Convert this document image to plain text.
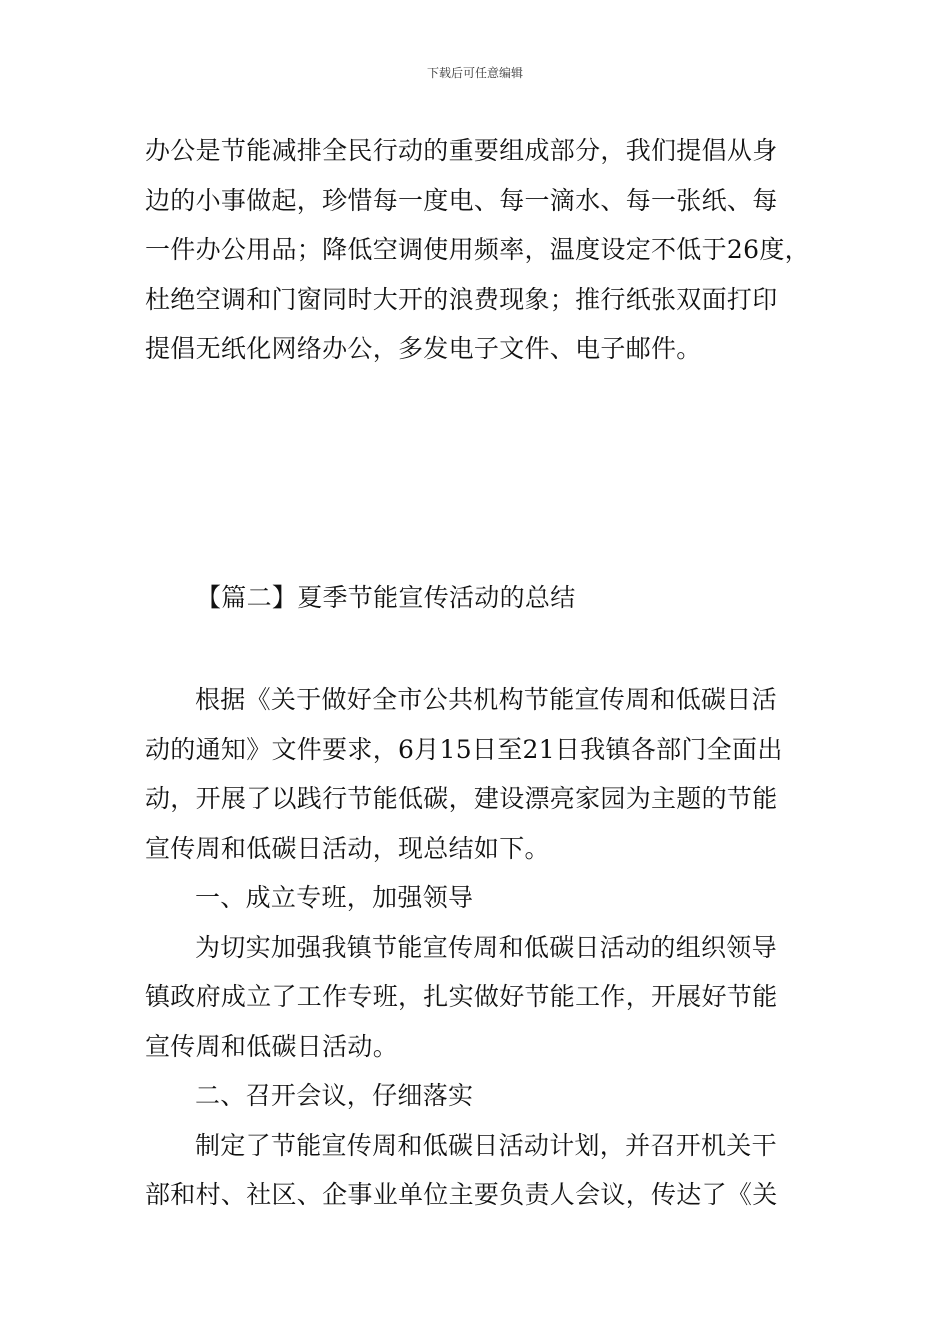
下载后可任意编辑
办公是节能减排全民行动的重要组成部分，我们提倡从身
边的小事做起，珍惜每一度电、每一滴水、每一张纸、每
一件办公用品；降低空调使用频率，温度设定不低于26度，
杜绝空调和门窗同时大开的浪费现象；推行纸张双面打印
提倡无纸化网络办公，多发电子文件、电子邮件。
【篇二】夏季节能宣传活动的总结
根据《关于做好全市公共机构节能宣传周和低碳日活
动的通知》文件要求，6月15日至21日我镇各部门全面出
动，开展了以践行节能低碳，建设漂亮家园为主题的节能
宣传周和低碳日活动，现总结如下。
一、成立专班，加强领导
为切实加强我镇节能宣传周和低碳日活动的组织领导
镇政府成立了工作专班，扎实做好节能工作，开展好节能
宣传周和低碳日活动。
二、召开会议，仔细落实
制定了节能宣传周和低碳日活动计划，并召开机关干
部和村、社区、企事业单位主要负责人会议，传达了《关
